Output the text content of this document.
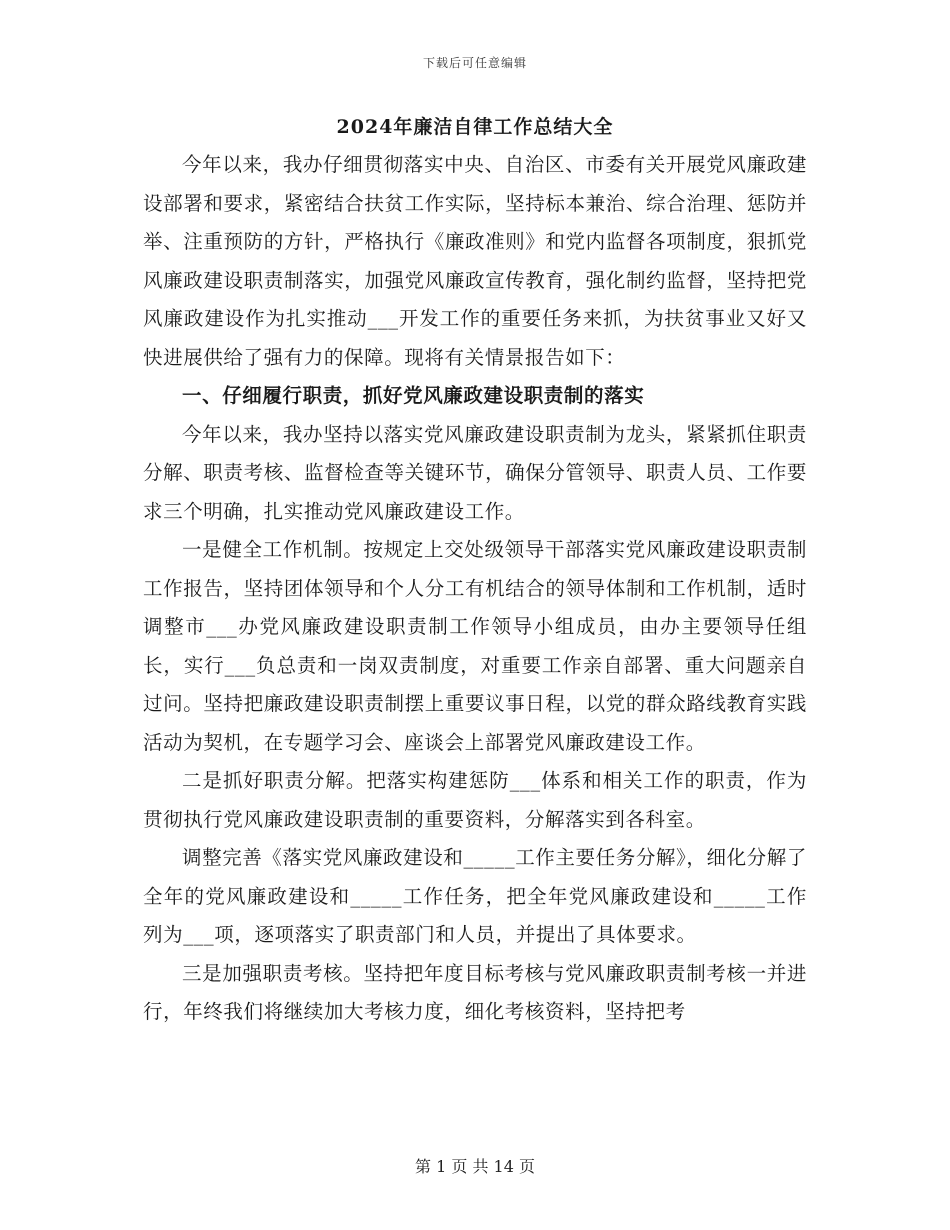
下载后可任意编辑
2024年廉洁自律工作总结大全

今年以来，我办仔细贯彻落实中央、自治区、市委有关开展党风廉政建设部署和要求，紧密结合扶贫工作实际，坚持标本兼治、综合治理、惩防并举、注重预防的方针，严格执行《廉政准则》和党内监督各项制度，狠抓党风廉政建设职责制落实，加强党风廉政宣传教育，强化制约监督，坚持把党风廉政建设作为扎实推动___开发工作的重要任务来抓，为扶贫事业又好又快进展供给了强有力的保障。现将有关情景报告如下：

一、仔细履行职责，抓好党风廉政建设职责制的落实

今年以来，我办坚持以落实党风廉政建设职责制为龙头，紧紧抓住职责分解、职责考核、监督检查等关键环节，确保分管领导、职责人员、工作要求三个明确，扎实推动党风廉政建设工作。

一是健全工作机制。按规定上交处级领导干部落实党风廉政建设职责制工作报告，坚持团体领导和个人分工有机结合的领导体制和工作机制，适时调整市___办党风廉政建设职责制工作领导小组成员，由办主要领导任组长，实行___负总责和一岗双责制度，对重要工作亲自部署、重大问题亲自过问。坚持把廉政建设职责制摆上重要议事日程，以党的群众路线教育实践活动为契机，在专题学习会、座谈会上部署党风廉政建设工作。

二是抓好职责分解。把落实构建惩防___体系和相关工作的职责，作为贯彻执行党风廉政建设职责制的重要资料，分解落实到各科室。

调整完善《落实党风廉政建设和_____工作主要任务分解》，细化分解了全年的党风廉政建设和_____工作任务，把全年党风廉政建设和_____工作列为___项，逐项落实了职责部门和人员，并提出了具体要求。

三是加强职责考核。坚持把年度目标考核与党风廉政职责制考核一并进行，年终我们将继续加大考核力度，细化考核资料，坚持把考

第 1 页 共 14 页
